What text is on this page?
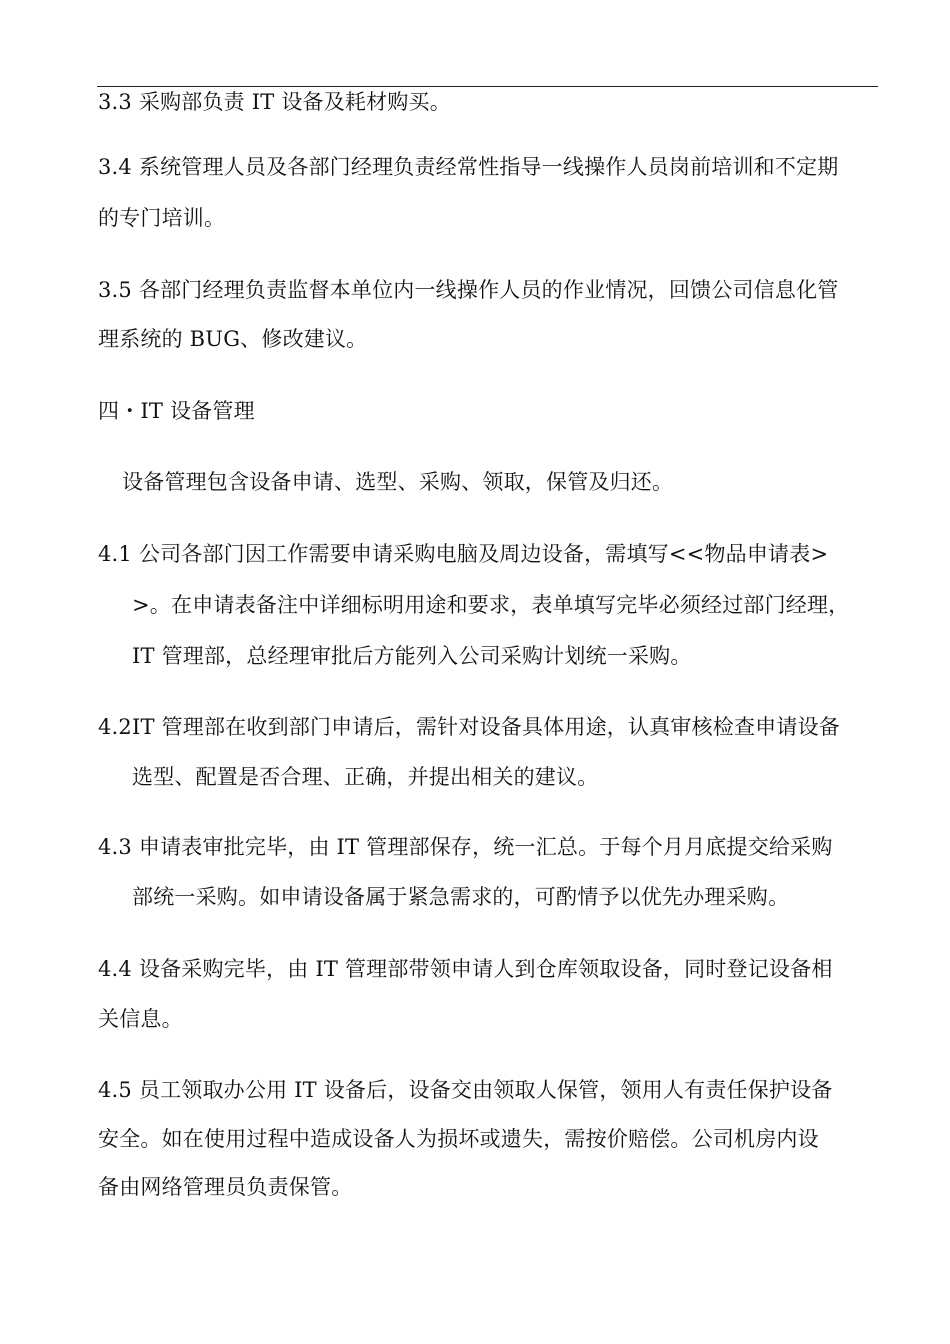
3.3 采购部负责 IT 设备及耗材购买。
3.4 系统管理人员及各部门经理负责经常性指导一线操作人员岗前培训和不定期
的专门培训。
3.5 各部门经理负责监督本单位内一线操作人员的作业情况，回馈公司信息化管
理系统的 BUG、修改建议。
四・IT 设备管理
设备管理包含设备申请、选型、采购、领取，保管及归还。
4.1 公司各部门因工作需要申请采购电脑及周边设备，需填写<<物品申请表>
>。在申请表备注中详细标明用途和要求，表单填写完毕必须经过部门经理，
IT 管理部，总经理审批后方能列入公司采购计划统一采购。
4.2IT 管理部在收到部门申请后，需针对设备具体用途，认真审核检查申请设备
选型、配置是否合理、正确，并提出相关的建议。
4.3 申请表审批完毕，由 IT 管理部保存，统一汇总。于每个月月底提交给采购
部统一采购。如申请设备属于紧急需求的，可酌情予以优先办理采购。
4.4 设备采购完毕，由 IT 管理部带领申请人到仓库领取设备，同时登记设备相
关信息。
4.5 员工领取办公用 IT 设备后，设备交由领取人保管，领用人有责任保护设备
安全。如在使用过程中造成设备人为损坏或遗失，需按价赔偿。公司机房内设
备由网络管理员负责保管。
